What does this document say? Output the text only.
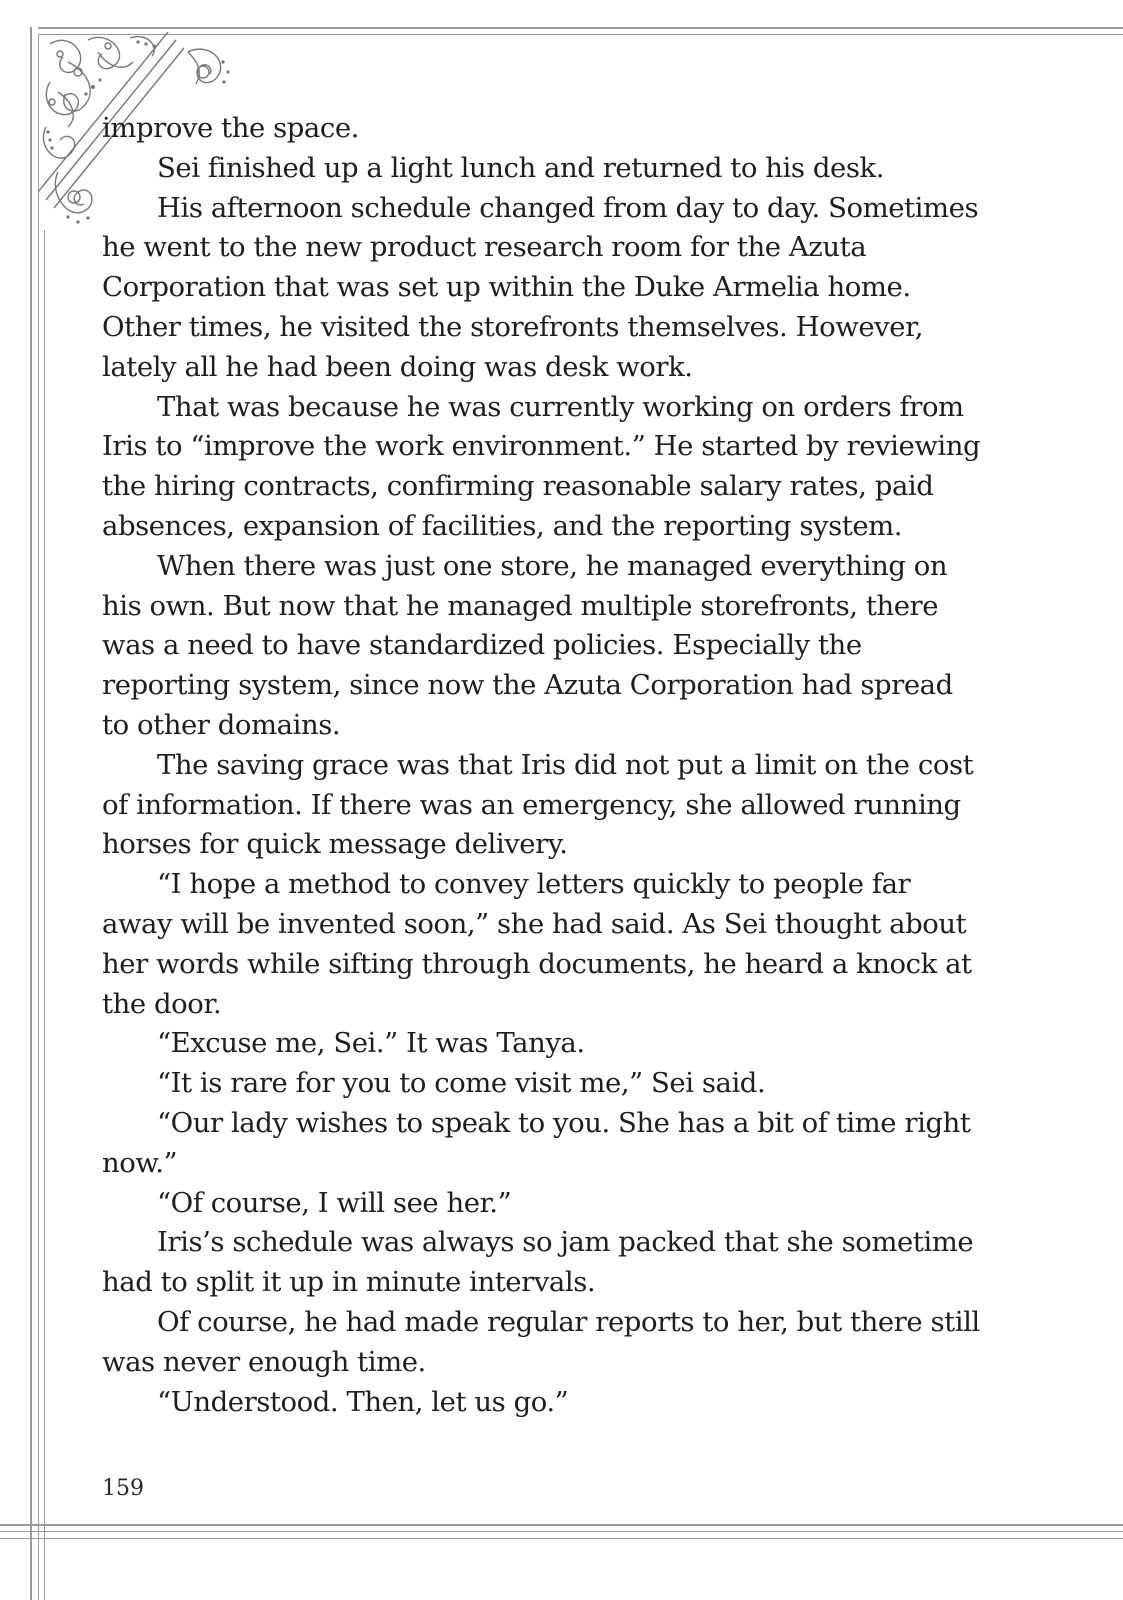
improve the space.

Sei finished up a light lunch and returned to his desk.

His afternoon schedule changed from day to day. Sometimes he went to the new product research room for the Azuta Corporation that was set up within the Duke Armelia home. Other times, he visited the storefronts themselves. However, lately all he had been doing was desk work.

That was because he was currently working on orders from Iris to “improve the work environment.” He started by reviewing the hiring contracts, confirming reasonable salary rates, paid absences, expansion of facilities, and the reporting system.

When there was just one store, he managed everything on his own. But now that he managed multiple storefronts, there was a need to have standardized policies. Especially the reporting system, since now the Azuta Corporation had spread to other domains.

The saving grace was that Iris did not put a limit on the cost of information. If there was an emergency, she allowed running horses for quick message delivery.

“I hope a method to convey letters quickly to people far away will be invented soon,” she had said. As Sei thought about her words while sifting through documents, he heard a knock at the door.

“Excuse me, Sei.” It was Tanya.

“It is rare for you to come visit me,” Sei said.

“Our lady wishes to speak to you. She has a bit of time right now.”

“Of course, I will see her.”

Iris’s schedule was always so jam packed that she sometime had to split it up in minute intervals.

Of course, he had made regular reports to her, but there still was never enough time.

“Understood. Then, let us go.”

159
